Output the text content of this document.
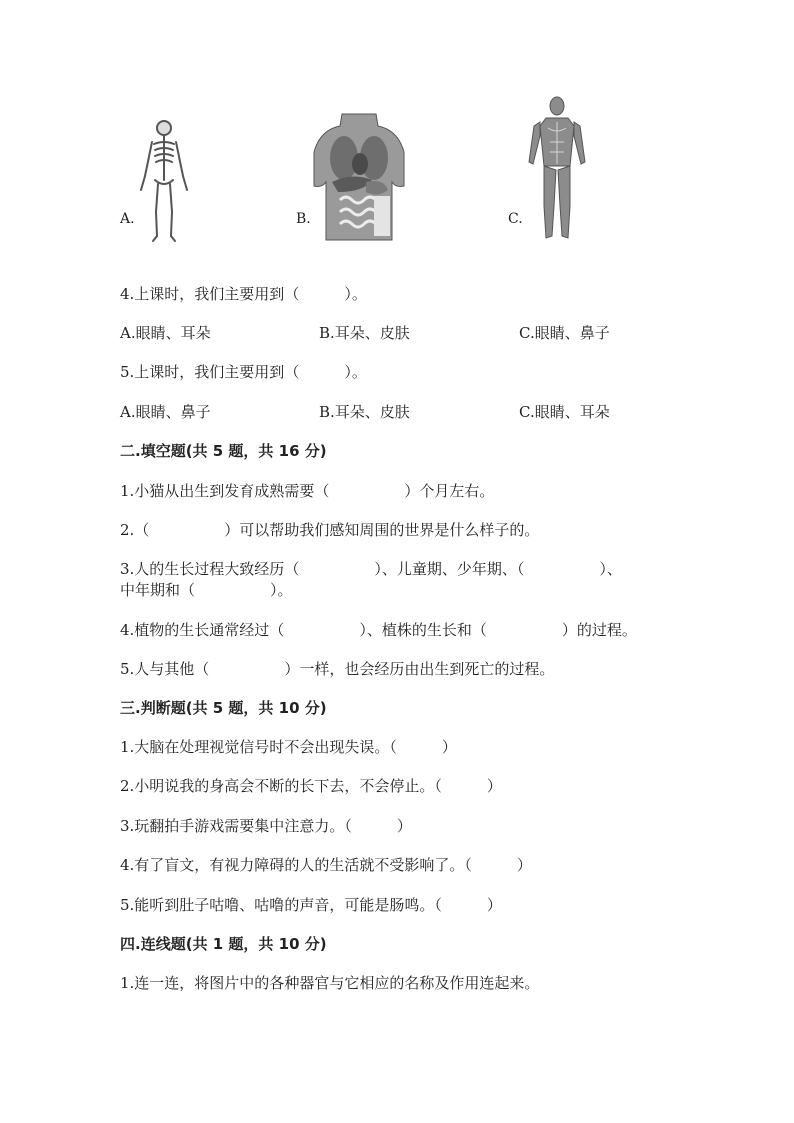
A.	B.	C.
4.上课时，我们主要用到（　　　）。
A.眼睛、耳朵	B.耳朵、皮肤	C.眼睛、鼻子
5.上课时，我们主要用到（　　　）。
A.眼睛、鼻子	B.耳朵、皮肤	C.眼睛、耳朵
二.填空题(共 5 题，共 16 分)
1.小猫从出生到发育成熟需要（　　　　　）个月左右。
2.（　　　　　）可以帮助我们感知周围的世界是什么样子的。
3.人的生长过程大致经历（　　　　　）、儿童期、少年期、（　　　　　）、
中年期和（　　　　　）。
4.植物的生长通常经过（　　　　　）、植株的生长和（　　　　　）的过程。
5.人与其他（　　　　　）一样，也会经历由出生到死亡的过程。
三.判断题(共 5 题，共 10 分)
1.大脑在处理视觉信号时不会出现失误。（　　　）
2.小明说我的身高会不断的长下去，不会停止。（　　　）
3.玩翻拍手游戏需要集中注意力。（　　　）
4.有了盲文，有视力障碍的人的生活就不受影响了。（　　　）
5.能听到肚子咕噜、咕噜的声音，可能是肠鸣。（　　　）
四.连线题(共 1 题，共 10 分)
1.连一连，将图片中的各种器官与它相应的名称及作用连起来。
